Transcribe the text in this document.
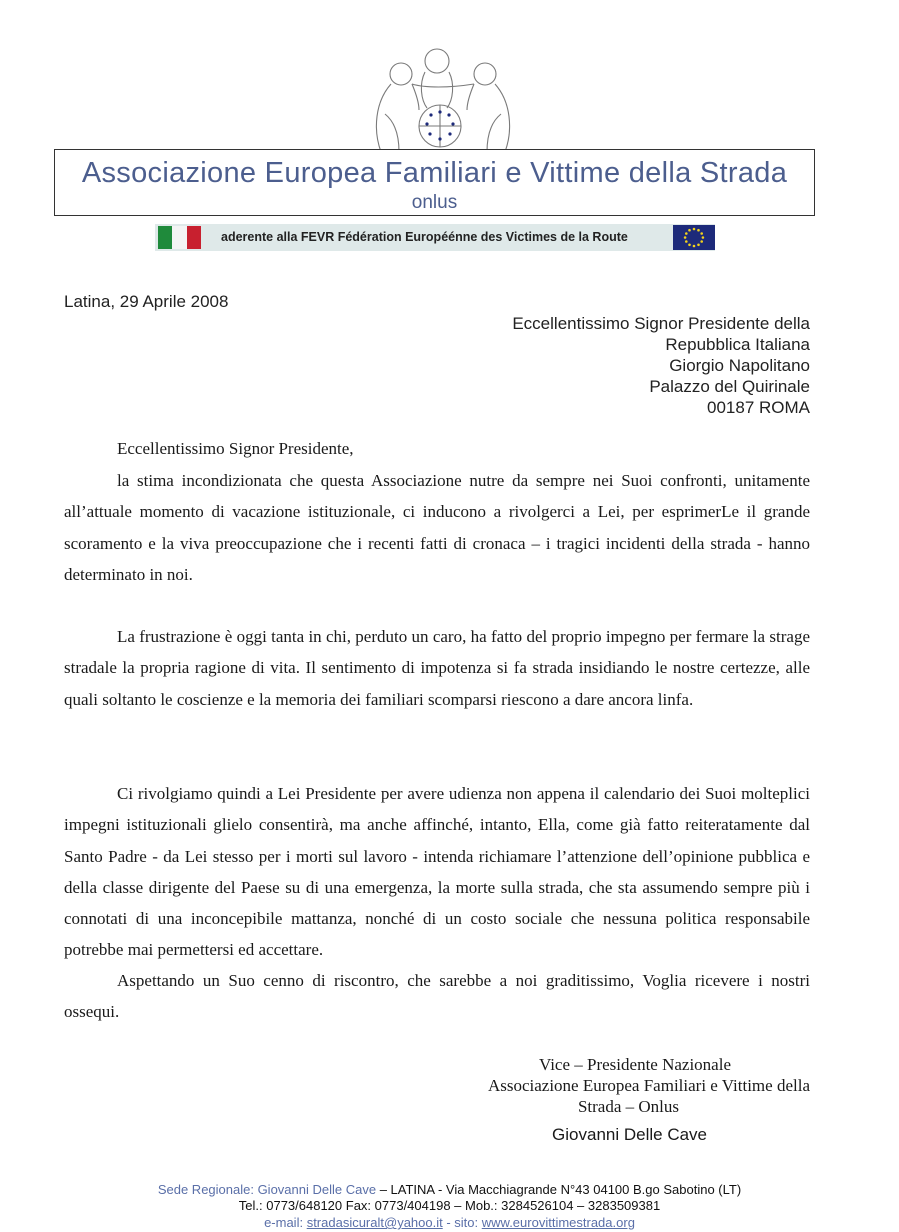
Associazione Europea Familiari e Vittime della Strada
onlus
aderente alla FEVR Fédération Européénne des Victimes de la Route
Latina, 29 Aprile 2008
Eccellentissimo Signor Presidente della
Repubblica Italiana
Giorgio Napolitano
Palazzo del Quirinale
00187 ROMA
Eccellentissimo Signor Presidente,
la stima incondizionata che questa Associazione nutre da sempre nei Suoi confronti, unitamente all’attuale momento di vacazione istituzionale, ci inducono a rivolgerci a Lei, per esprimerLe il grande scoramento e la viva preoccupazione che i recenti fatti di cronaca – i tragici incidenti della strada - hanno determinato in noi.
La frustrazione è oggi tanta in chi, perduto un caro, ha fatto del proprio impegno per fermare la strage stradale la propria ragione di vita. Il sentimento di impotenza si fa strada insidiando le nostre certezze, alle quali soltanto le coscienze e la memoria dei familiari scomparsi riescono a dare ancora linfa.
Ci rivolgiamo quindi a Lei Presidente per avere udienza non appena il calendario dei Suoi molteplici impegni istituzionali glielo consentirà, ma anche affinché, intanto, Ella, come già fatto reiteratamente dal Santo Padre - da Lei stesso per i morti sul lavoro - intenda richiamare l’attenzione dell’opinione pubblica e della classe dirigente del Paese su di una emergenza, la morte sulla strada, che sta assumendo sempre più i connotati di una inconcepibile mattanza, nonché di un costo sociale che nessuna politica responsabile potrebbe mai permettersi ed accettare.
Aspettando un Suo cenno di riscontro, che sarebbe a noi graditissimo, Voglia ricevere i nostri ossequi.
Vice – Presidente Nazionale
Associazione Europea Familiari e Vittime della
Strada – Onlus
Giovanni Delle Cave
Sede Regionale: Giovanni Delle Cave – LATINA - Via Macchiagrande N°43 04100 B.go Sabotino (LT)
Tel.: 0773/648120 Fax: 0773/404198 – Mob.: 3284526104 – 3283509381
e-mail: stradasicuralt@yahoo.it - sito: www.eurovittimestrada.org
